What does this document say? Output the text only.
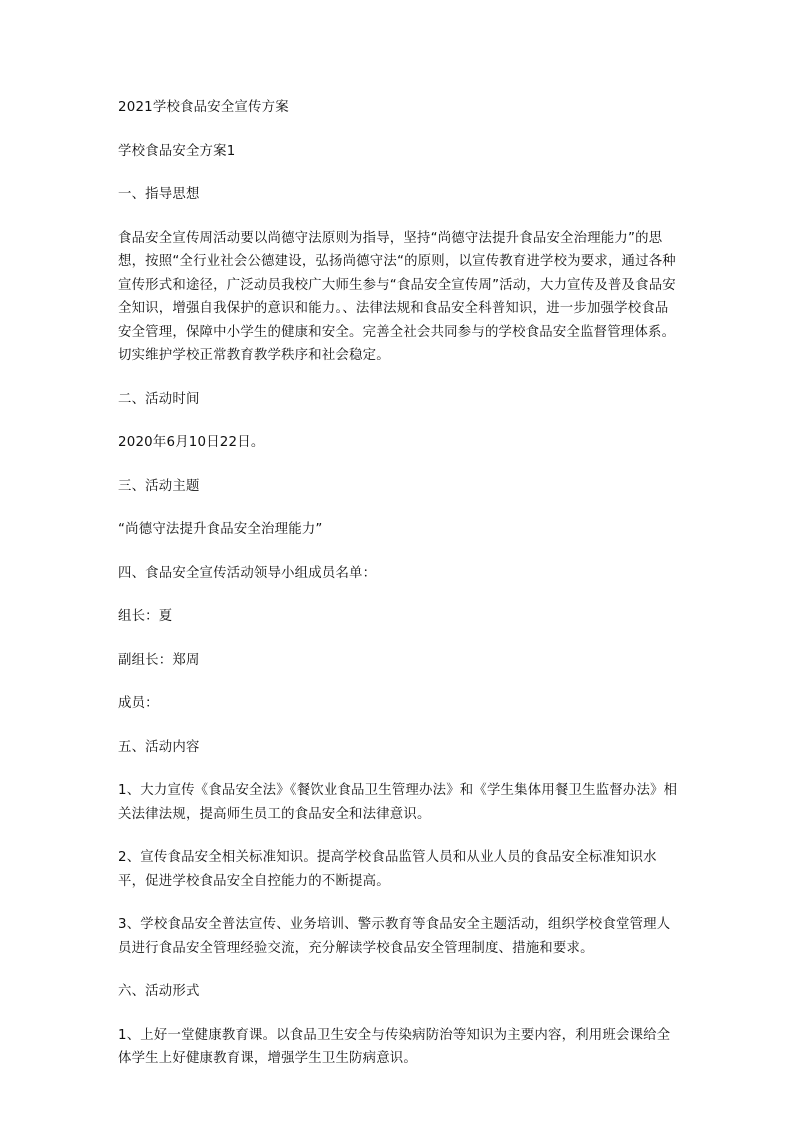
2021学校食品安全宣传方案

学校食品安全方案1

一、指导思想

食品安全宣传周活动要以尚德守法原则为指导，坚持“尚德守法提升食品安全治理能力”的思想，按照“全行业社会公德建设，弘扬尚德守法“的原则，以宣传教育进学校为要求，通过各种宣传形式和途径，广泛动员我校广大师生参与“食品安全宣传周”活动，大力宣传及普及食品安全知识，增强自我保护的意识和能力。、法律法规和食品安全科普知识，进一步加强学校食品安全管理，保障中小学生的健康和安全。完善全社会共同参与的学校食品安全监督管理体系。切实维护学校正常教育教学秩序和社会稳定。

二、活动时间

2020年6月10日22日。

三、活动主题

“尚德守法提升食品安全治理能力”

四、食品安全宣传活动领导小组成员名单：

组长：夏

副组长：郑周

成员：

五、活动内容

1、大力宣传《食品安全法》《餐饮业食品卫生管理办法》和《学生集体用餐卫生监督办法》相关法律法规，提高师生员工的食品安全和法律意识。

2、宣传食品安全相关标准知识。提高学校食品监管人员和从业人员的食品安全标准知识水平，促进学校食品安全自控能力的不断提高。

3、学校食品安全普法宣传、业务培训、警示教育等食品安全主题活动，组织学校食堂管理人员进行食品安全管理经验交流，充分解读学校食品安全管理制度、措施和要求。

六、活动形式

1、上好一堂健康教育课。以食品卫生安全与传染病防治等知识为主要内容，利用班会课给全体学生上好健康教育课，增强学生卫生防病意识。
